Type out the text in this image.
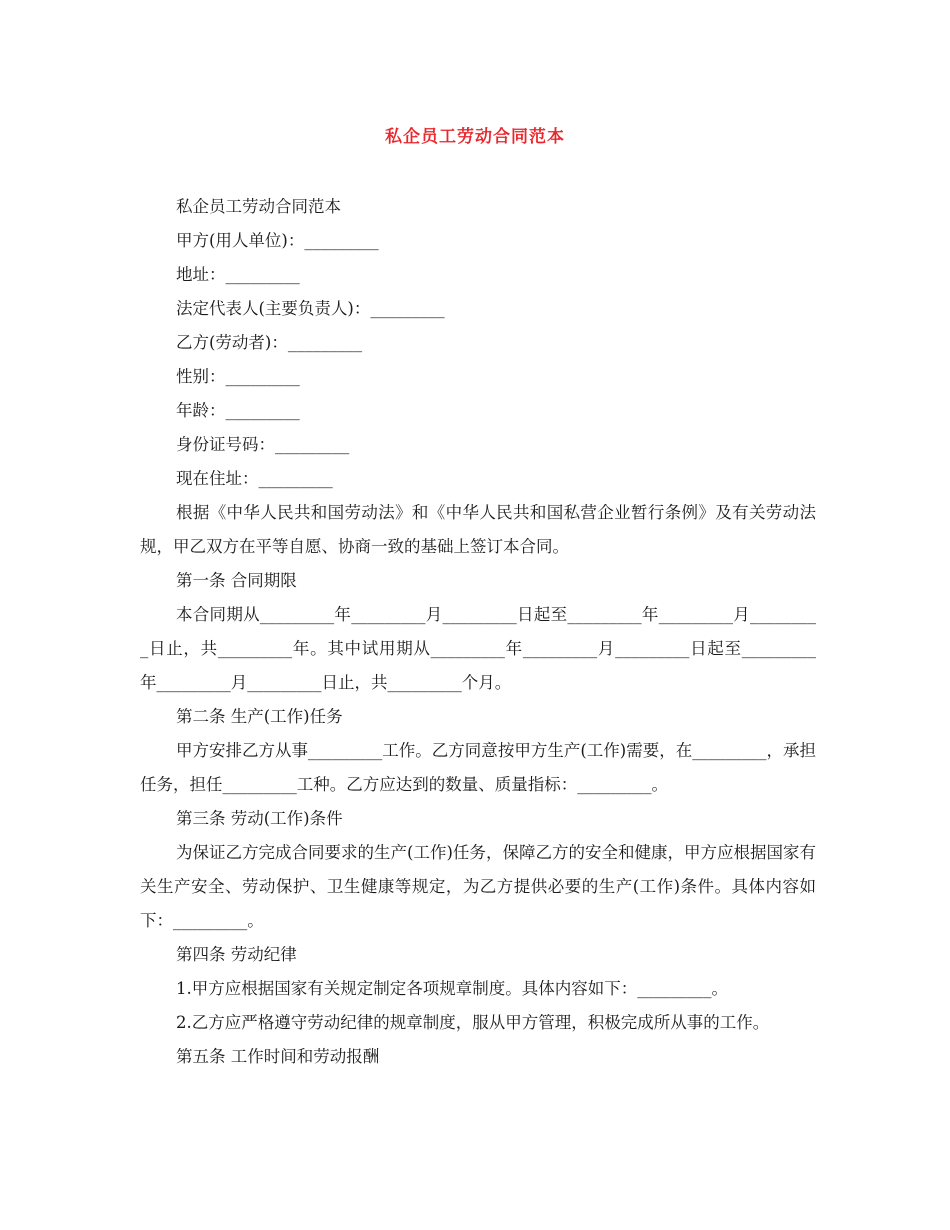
私企员工劳动合同范本
私企员工劳动合同范本
甲方(用人单位)：_________
地址：_________
法定代表人(主要负责人)：_________
乙方(劳动者)：_________
性别：_________
年龄：_________
身份证号码：_________
现在住址：_________
根据《中华人民共和国劳动法》和《中华人民共和国私营企业暂行条例》及有关劳动法规，甲乙双方在平等自愿、协商一致的基础上签订本合同。
第一条 合同期限
本合同期从_________年_________月_________日起至_________年_________月_________日止，共_________年。其中试用期从_________年_________月_________日起至_________年_________月_________日止，共_________个月。
第二条 生产(工作)任务
甲方安排乙方从事_________工作。乙方同意按甲方生产(工作)需要，在_________，承担任务，担任_________工种。乙方应达到的数量、质量指标：_________。
第三条 劳动(工作)条件
为保证乙方完成合同要求的生产(工作)任务，保障乙方的安全和健康，甲方应根据国家有关生产安全、劳动保护、卫生健康等规定，为乙方提供必要的生产(工作)条件。具体内容如下：_________。
第四条 劳动纪律
1.甲方应根据国家有关规定制定各项规章制度。具体内容如下：_________。
2.乙方应严格遵守劳动纪律的规章制度，服从甲方管理，积极完成所从事的工作。
第五条 工作时间和劳动报酬
